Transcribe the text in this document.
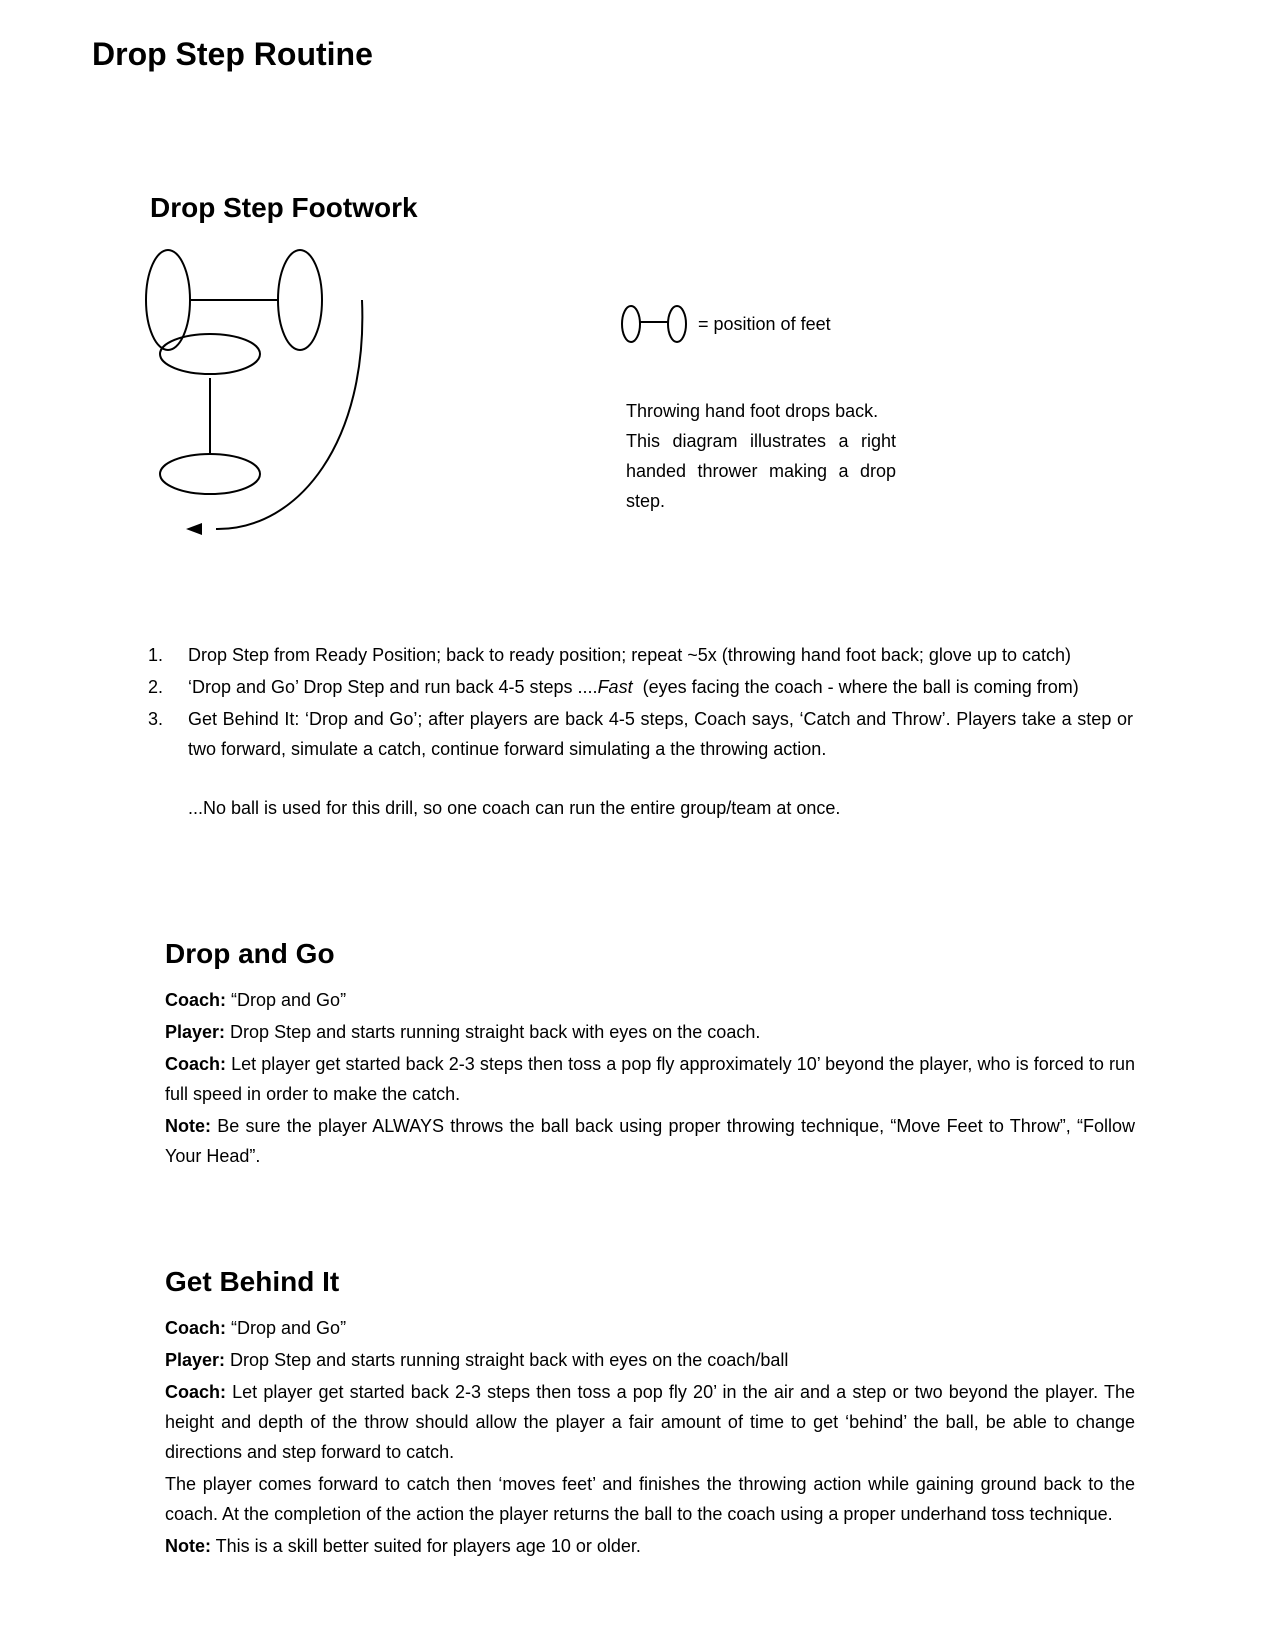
Drop Step Routine
Drop Step Footwork
= position of feet

Throwing hand foot drops back.

This diagram illustrates a right handed thrower making a drop step.

1.	Drop Step from Ready Position; back to ready position; repeat ~5x (throwing hand foot back; glove up to catch)
2.	‘Drop and Go’ Drop Step and run back 4-5 steps ....Fast  (eyes facing the coach - where the ball is coming from)
3.	Get Behind It: ‘Drop and Go’; after players are back 4-5 steps, Coach says, ‘Catch and Throw’. Players take a step or two forward, simulate a catch, continue forward simulating a the throwing action.
...No ball is used for this drill, so one coach can run the entire group/team at once.
Drop and Go

Coach: “Drop and Go”

Player: Drop Step and starts running straight back with eyes on the coach.

Coach: Let player get started back 2-3 steps then toss a pop fly approximately 10’ beyond the player, who is forced to run full speed in order to make the catch.

Note: Be sure the player ALWAYS throws the ball back using proper throwing technique, “Move Feet to Throw”, “Follow Your Head”.

Get Behind It

Coach: “Drop and Go”

Player: Drop Step and starts running straight back with eyes on the coach/ball

Coach: Let player get started back 2-3 steps then toss a pop fly 20’ in the air and a step or two beyond the player. The height and depth of the throw should allow the player a fair amount of time to get ‘behind’ the ball, be able to change directions and step forward to catch.

The player comes forward to catch then ‘moves feet’ and finishes the throwing action while gaining ground back to the coach. At the completion of the action the player returns the ball to the coach using a proper underhand toss technique.

Note: This is a skill better suited for players age 10 or older.
